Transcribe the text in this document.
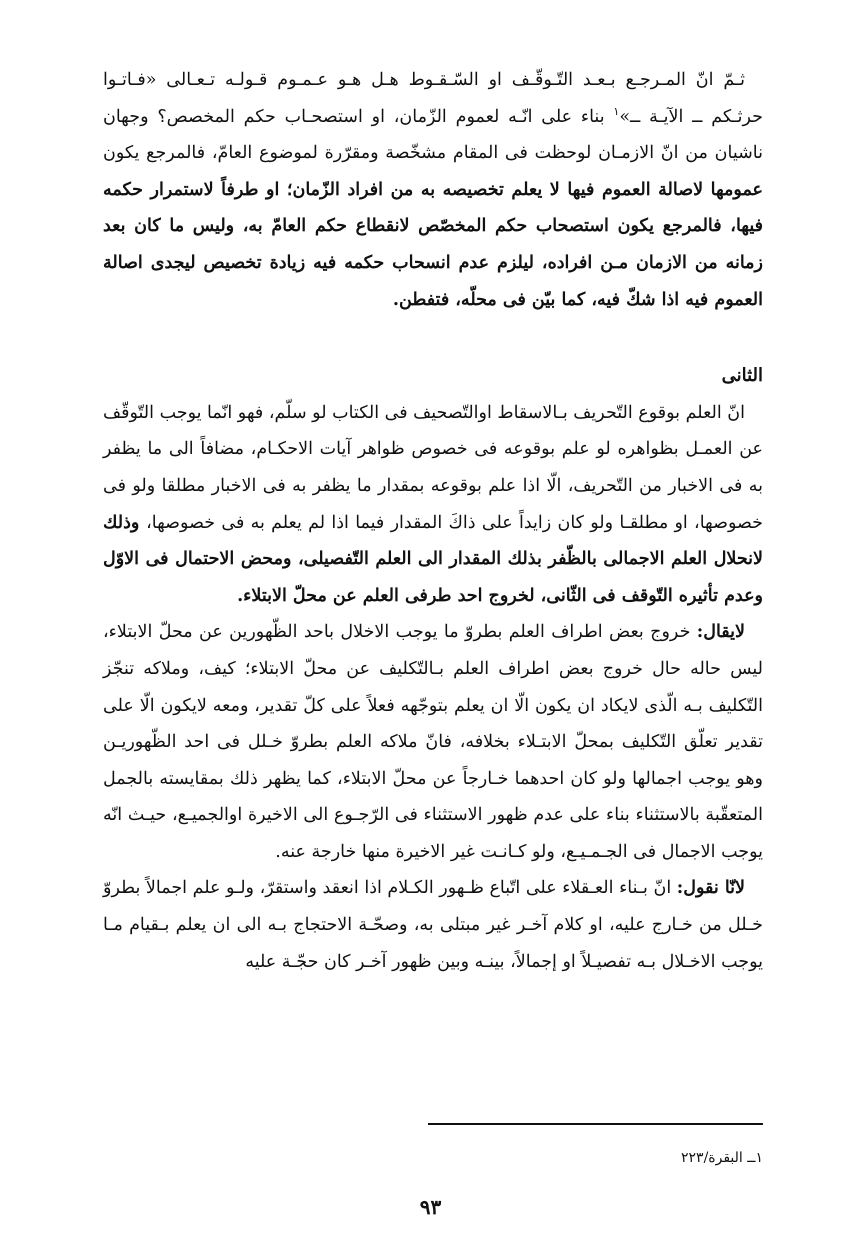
ثـمّ انّ المـرجـع بـعـد التّـوقّـف او السّـقـوط هـل هـو عـمـوم قـولـه تـعـالى «فـاتـوا حرثـكم ــ الآيـة ــ»$^١$ بناء على انّـه لعموم الزّمان، او استصحـاب حكم المخصص؟ وجهان ناشيان من انّ الازمـان لوحظت فى المقام مشخّصة ومقرّرة لموضوع العامّ، فالمرجع يكون عمومها لاصالة العموم فيها لا يعلم تخصيصه به من افراد الزّمان؛ او طرفاً لاستمرار حكمه فيها، فالمرجع يكون استصحاب حكم المخصّص لانقطاع حكم العامّ به، وليس ما كان بعد زمانه من الازمان مـن افراده، ليلزم عدم انسحاب حكمه فيه زيادة تخصيص ليجدى اصالة العموم فيه اذا شكّ فيه، كما بيّن فى محلّه، فتفطن.

الثانى

انّ العلم بوقوع التّحريف بـالاسقاط اوالتّصحيف فى الكتاب لو سلّم، فهو انّما يوجب التّوقّف عن العمـل بظواهره لو علم بوقوعه فى خصوص ظواهر آيات الاحكـام، مضافاً الى ما يظفر به فى الاخبار من التّحريف، الّا اذا علم بوقوعه بمقدار ما يظفر به فى الاخبار مطلقا ولو فى خصوصها، او مطلقـا ولو كان زايداً على ذاكَ المقدار فيما اذا لم يعلم به فى خصوصها، وذلك لانحلال العلم الاجمالى بالظّفر بذلك المقدار الى العلم التّفصيلى، ومحض الاحتمال فى الاوّل وعدم تأثيره التّوقف فى الثّانى، لخروج احد طرفى العلم عن محلّ الابتلاء.

لايقال: خروج بعض اطراف العلم بطروّ ما يوجب الاخلال باحد الظّهورين عن محلّ الابتلاء، ليس حاله حال خروج بعض اطراف العلم بـالتّكليف عن محلّ الابتلاء؛ كيف، وملاكه تنجّز التّكليف بـه الّذى لايكاد ان يكون الّا ان يعلم بتوجّهه فعلاً على كلّ تقدير، ومعه لايكون الّا على تقدير تعلّق التّكليف بمحلّ الابتـلاء بخلافه، فانّ ملاكه العلم بطروّ خـلل فى احد الظّهوريـن وهو يوجب اجمالها ولو كان احدهما خـارجاً عن محلّ الابتلاء، كما يظهر ذلك بمقايسته بالجمل المتعقّبة بالاستثناء بناء على عدم ظهور الاستثناء فى الرّجـوع الى الاخيرة اوالجميـع، حيـث انّه يوجب الاجمال فى الجـمـيـع، ولو كـانـت غير الاخيرة منها خارجة عنه.

لانّا نقول: انّ بـناء العـقلاء على اتّباع ظـهور الكـلام اذا انعقد واستقرّ، ولـو علم اجمالاً بطروّ خـلل من خـارج عليه، او كلام آخـر غير مبتلى به، وصحّـة الاحتجاج بـه الى ان يعلم بـقيام مـا يوجب الاخـلال بـه تفصيـلاً او إجمالاً، بينـه وبين ظهور آخـر كان حجّـة عليه

١ــ البقرة/٢٢٣
٩٣
